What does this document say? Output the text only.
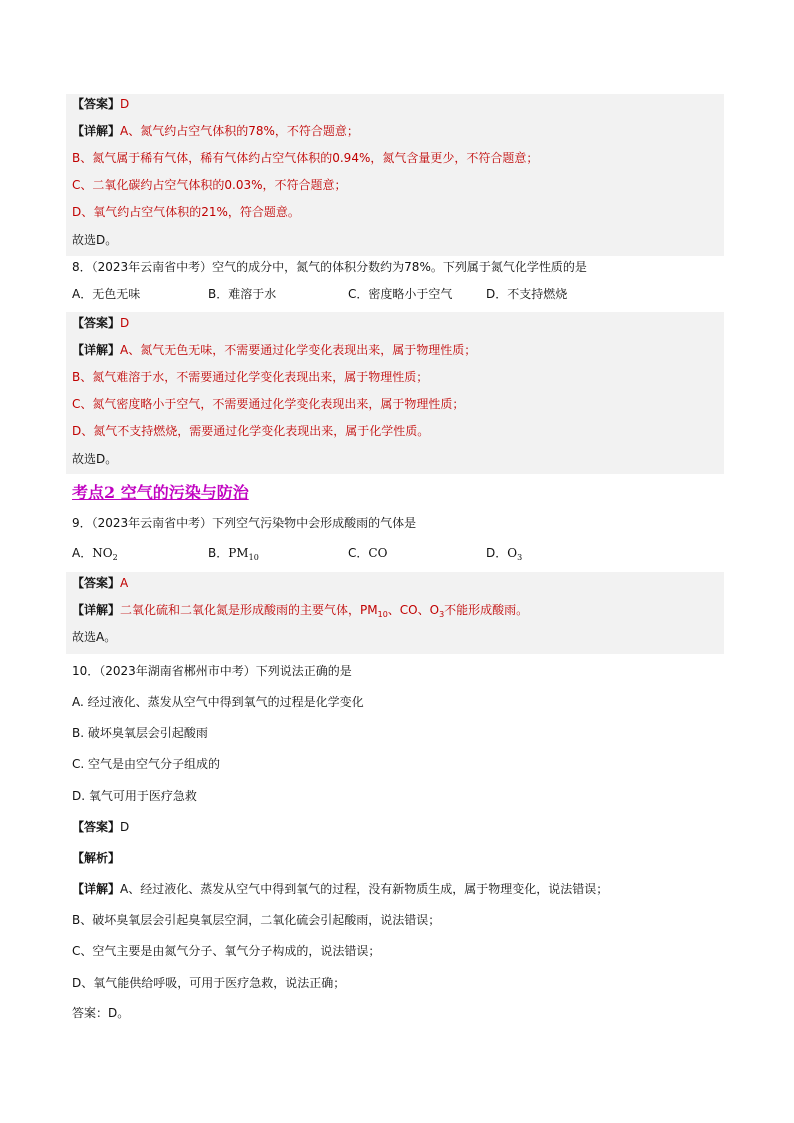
【答案】D
【详解】A、氮气约占空气体积的78%，不符合题意；
B、氮气属于稀有气体，稀有气体约占空气体积的0.94%，氮气含量更少，不符合题意；
C、二氧化碳约占空气体积的0.03%，不符合题意；
D、氧气约占空气体积的21%，符合题意。
故选D。
8．（2023年云南省中考）空气的成分中，氮气的体积分数约为78%。下列属于氮气化学性质的是
A．无色无味	B．难溶于水	C．密度略小于空气	D．不支持燃烧
【答案】D
【详解】A、氮气无色无味，不需要通过化学变化表现出来，属于物理性质；
B、氮气难溶于水，不需要通过化学变化表现出来，属于物理性质；
C、氮气密度略小于空气，不需要通过化学变化表现出来，属于物理性质；
D、氮气不支持燃烧，需要通过化学变化表现出来，属于化学性质。
故选D。
考点2 空气的污染与防治
9．（2023年云南省中考）下列空气污染物中会形成酸雨的气体是
A．$NO_2$	B．$PM_{10}$	C．CO	D．$O_3$
【答案】A
【详解】二氧化硫和二氧化氮是形成酸雨的主要气体，$PM_{10}$、CO、$O_3$不能形成酸雨。
故选A。
10．（2023年湖南省郴州市中考）下列说法正确的是
A. 经过液化、蒸发从空气中得到氧气的过程是化学变化
B. 破坏臭氧层会引起酸雨
C. 空气是由空气分子组成的
D. 氧气可用于医疗急救
【答案】D
【解析】
【详解】A、经过液化、蒸发从空气中得到氧气的过程，没有新物质生成，属于物理变化，说法错误；
B、破坏臭氧层会引起臭氧层空洞，二氧化硫会引起酸雨，说法错误；
C、空气主要是由氮气分子、氧气分子构成的，说法错误；
D、氧气能供给呼吸，可用于医疗急救，说法正确；
答案：D。
